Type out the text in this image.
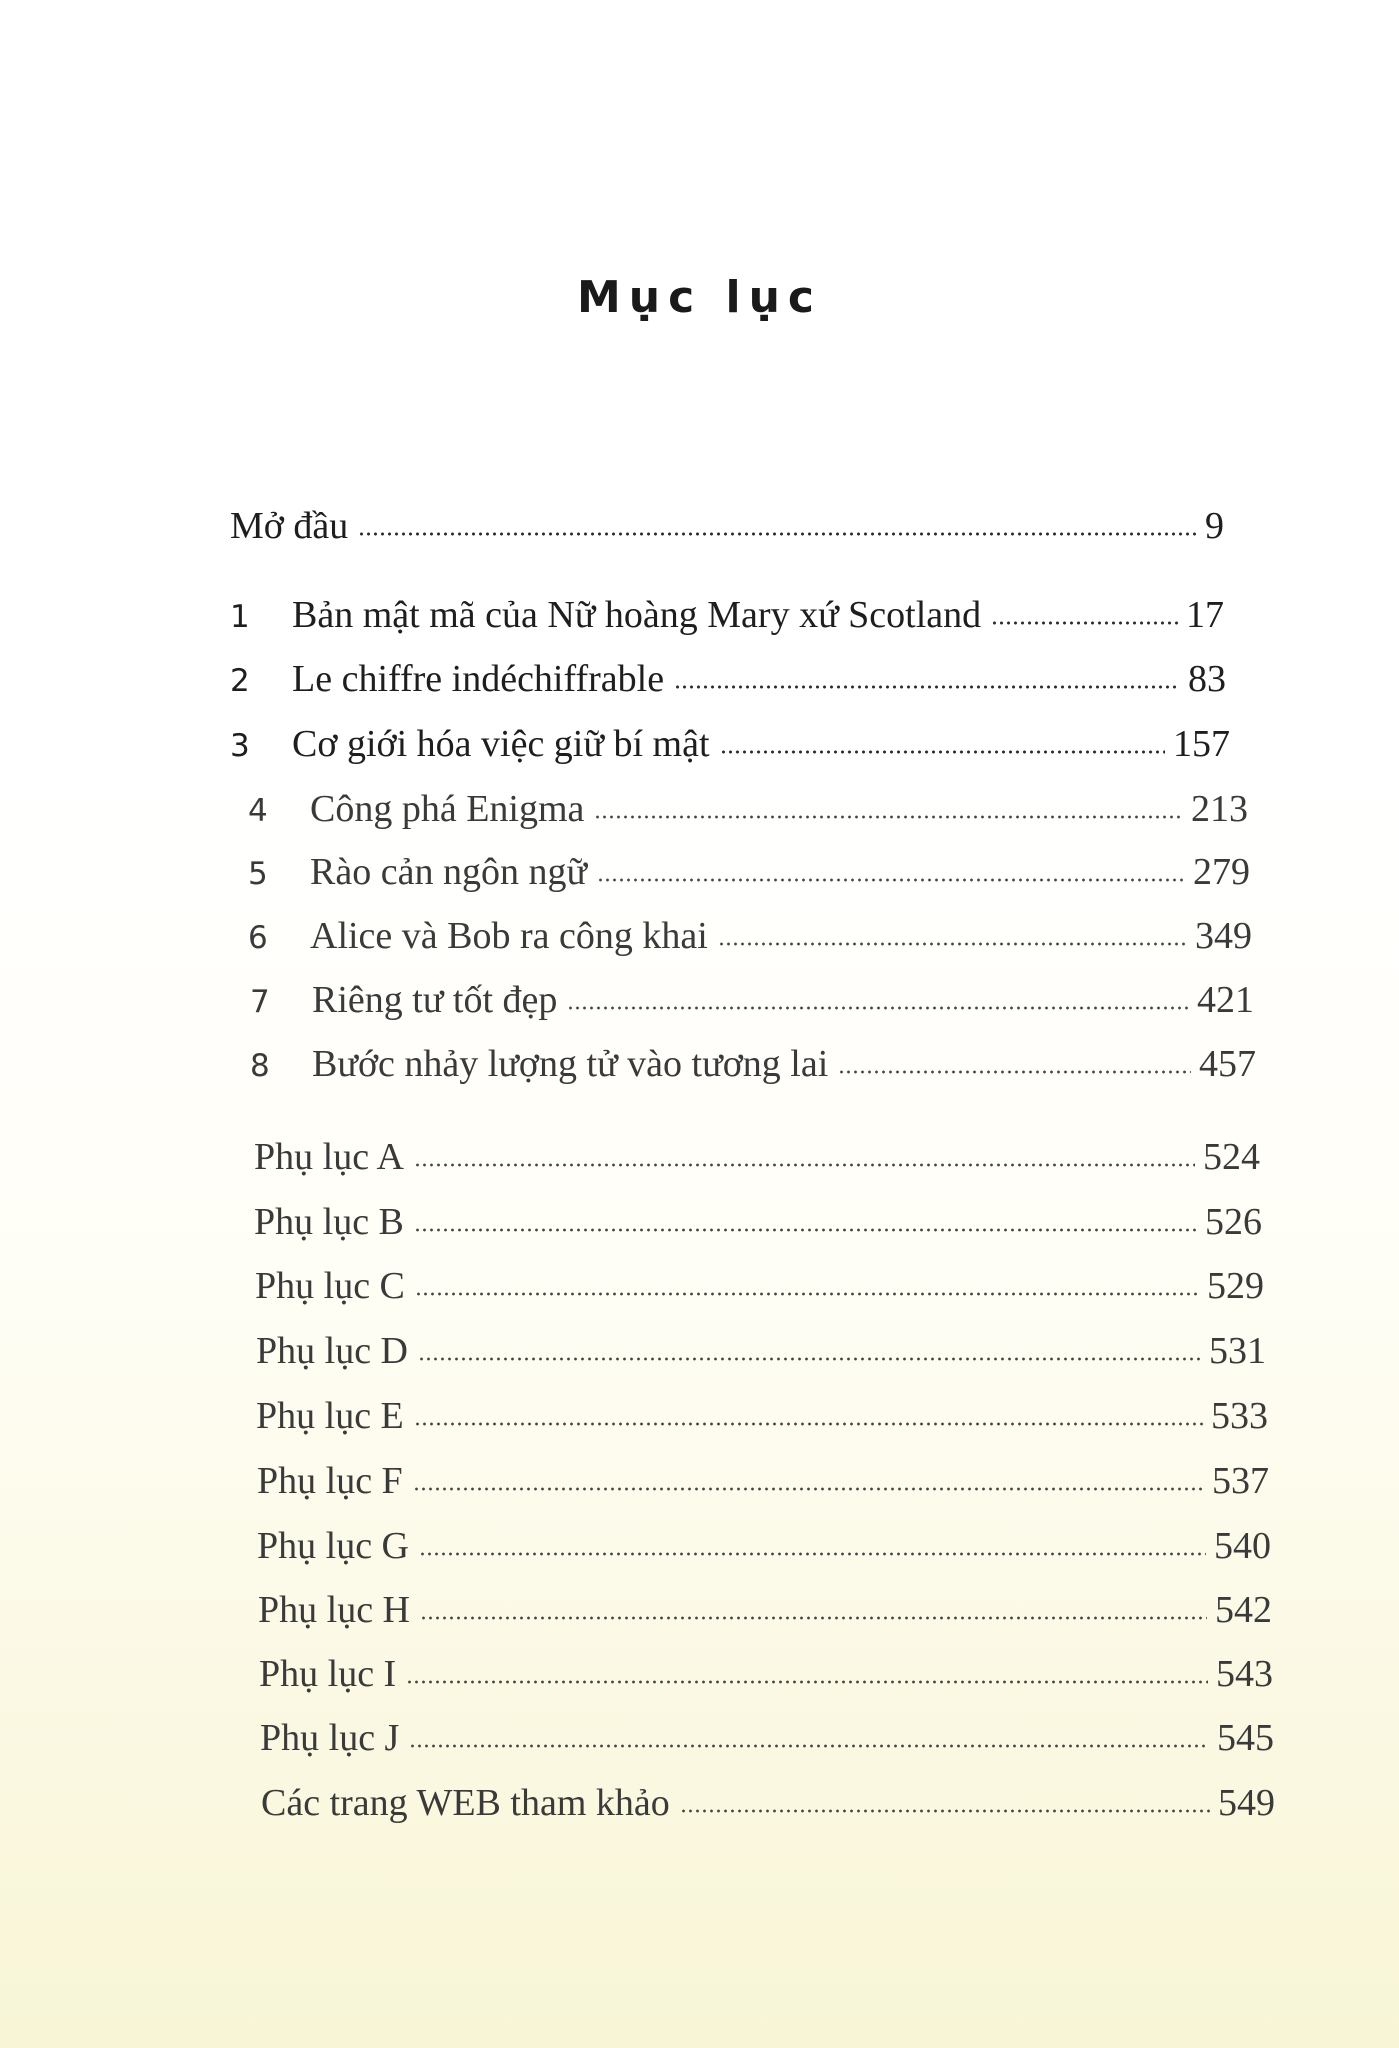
Mục lục
Mở đầu	9
1	Bản mật mã của Nữ hoàng Mary xứ Scotland	17
2	Le chiffre indéchiffrable	83
3	Cơ giới hóa việc giữ bí mật	157
4	Công phá Enigma	213
5	Rào cản ngôn ngữ	279
6	Alice và Bob ra công khai	349
7	Riêng tư tốt đẹp	421
8	Bước nhảy lượng tử vào tương lai	457
Phụ lục A	524
Phụ lục B	526
Phụ lục C	529
Phụ lục D	531
Phụ lục E	533
Phụ lục F	537
Phụ lục G	540
Phụ lục H	542
Phụ lục I	543
Phụ lục J	545
Các trang WEB tham khảo	549
